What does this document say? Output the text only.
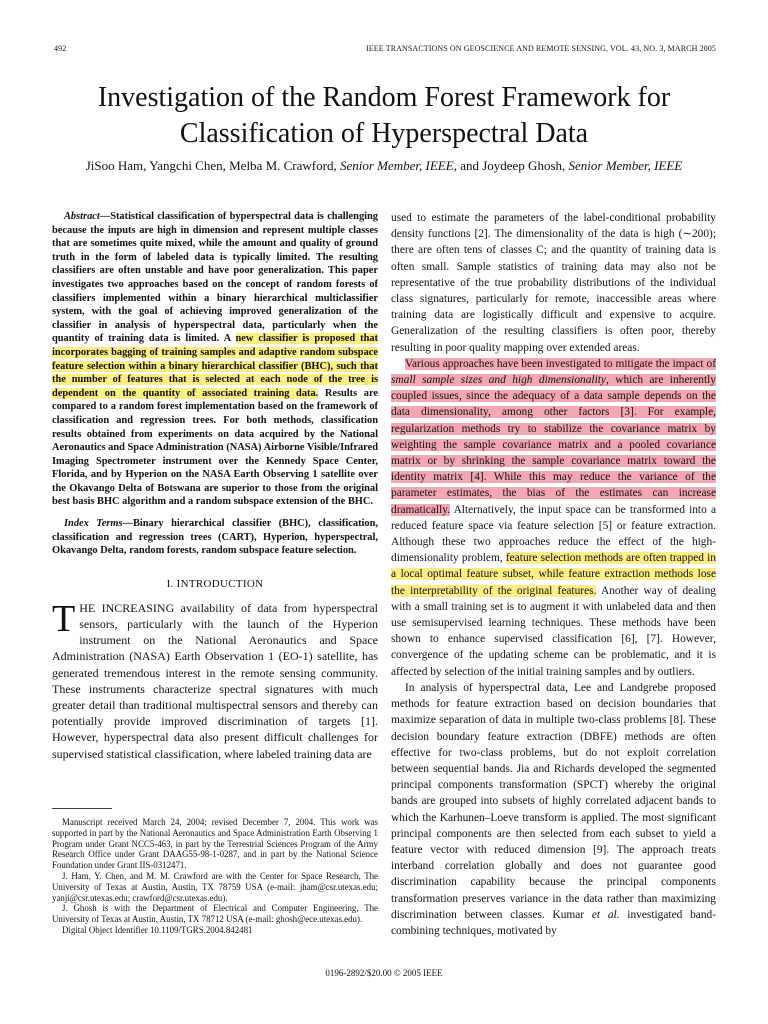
492	IEEE TRANSACTIONS ON GEOSCIENCE AND REMOTE SENSING, VOL. 43, NO. 3, MARCH 2005
Investigation of the Random Forest Framework for
Classification of Hyperspectral Data
JiSoo Ham, Yangchi Chen, Melba M. Crawford, Senior Member, IEEE, and Joydeep Ghosh, Senior Member, IEEE

Abstract—Statistical classification of byperspectral data is challenging because the inputs are high in dimension and represent multiple classes that are sometimes quite mixed, while the amount and quality of ground truth in the form of labeled data is typically limited. The resulting classifiers are often unstable and have poor generalization. This paper investigates two approaches based on the concept of random forests of classifiers implemented within a binary hierarchical multiclassifier system, with the goal of achieving improved generalization of the classifier in analysis of hyperspectral data, particularly when the quantity of training data is limited. A new classifier is proposed that incorporates bagging of training samples and adaptive random subspace feature selection within a binary hierarchical classifier (BHC), such that the number of features that is selected at each node of the tree is dependent on the quantity of associated training data. Results are compared to a random forest implementation based on the framework of classification and regression trees. For both methods, classification results obtained from experiments on data acquired by the National Aeronautics and Space Administration (NASA) Airborne Visible/Infrared Imaging Spectrometer instrument over the Kennedy Space Center, Florida, and by Hyperion on the NASA Earth Observing 1 satellite over the Okavango Delta of Botswana are superior to those from the original best basis BHC algorithm and a random subspace extension of the BHC.

Index Terms—Binary hierarchical classifier (BHC), classification, classification and regression trees (CART), Hyperion, hyperspectral, Okavango Delta, random forests, random subspace feature selection.

I. INTRODUCTION

THE INCREASING availability of data from hyperspectral sensors, particularly with the launch of the Hyperion instrument on the National Aeronautics and Space Administration (NASA) Earth Observation 1 (EO-1) satellite, has generated tremendous interest in the remote sensing community. These instruments characterize spectral signatures with much greater detail than traditional multispectral sensors and thereby can potentially provide improved discrimination of targets [1]. However, hyperspectral data also present difficult challenges for supervised statistical classification, where labeled training data are

used to estimate the parameters of the label-conditional probability density functions [2]. The dimensionality of the data is high (∼200); there are often tens of classes C; and the quantity of training data is often small. Sample statistics of training data may also not be representative of the true probability distributions of the individual class signatures, particularly for remote, inaccessible areas where training data are logistically difficult and expensive to acquire. Generalization of the resulting classifiers is often poor, thereby resulting in poor quality mapping over extended areas.

Various approaches have been investigated to mitigate the impact of small sample sizes and high dimensionality, which are inherently coupled issues, since the adequacy of a data sample depends on the data dimensionality, among other factors [3]. For example, regularization methods try to stabilize the covariance matrix by weighting the sample covariance matrix and a pooled covariance matrix or by shrinking the sample covariance matrix toward the identity matrix [4]. While this may reduce the variance of the parameter estimates, the bias of the estimates can increase dramatically. Alternatively, the input space can be transformed into a reduced feature space via feature selection [5] or feature extraction. Although these two approaches reduce the effect of the high-dimensionality problem, feature selection methods are often trapped in a local optimal feature subset, while feature extraction methods lose the interpretability of the original features. Another way of dealing with a small training set is to augment it with unlabeled data and then use semisupervised learning techniques. These methods have been shown to enhance supervised classification [6], [7]. However, convergence of the updating scheme can be problematic, and it is affected by selection of the initial training samples and by outliers.

In analysis of hyperspectral data, Lee and Landgrebe proposed methods for feature extraction based on decision boundaries that maximize separation of data in multiple two-class problems [8]. These decision boundary feature extraction (DBFE) methods are often effective for two-class problems, but do not exploit correlation between sequential bands. Jia and Richards developed the segmented principal components transformation (SPCT) whereby the original bands are grouped into subsets of highly correlated adjacent bands to which the Karhunen–Loeve transform is applied. The most significant principal components are then selected from each subset to yield a feature vector with reduced dimension [9]. The approach treats interband correlation globally and does not guarantee good discrimination capability because the principal components transformation preserves variance in the data rather than maximizing discrimination between classes. Kumar et al. investigated band-combining techniques, motivated by

Manuscript received March 24, 2004; revised December 7, 2004. This work was supported in part by the National Aeronautics and Space Administration Earth Observing 1 Program under Grant NCC5-463, in part by the Terrestrial Sciences Program of the Army Research Office under Grant DAAG55-98-1-0287, and in part by the National Science Foundation under Grant IIS-0312471.

J. Ham, Y. Chen, and M. M. Crawford are with the Center for Space Research, The University of Texas at Austin, Austin, TX 78759 USA (e-mail: jham@csr.utexas.edu; yanji@csr.utexas.edu; crawford@csr.utexas.edu).

J. Ghosh is with the Department of Electrical and Computer Engineering, The University of Texas at Austin, Austin, TX 78712 USA (e-mail: ghosh@ece.utexas.edu).

Digital Object Identifier 10.1109/TGRS.2004.842481

0196-2892/$20.00 © 2005 IEEE
